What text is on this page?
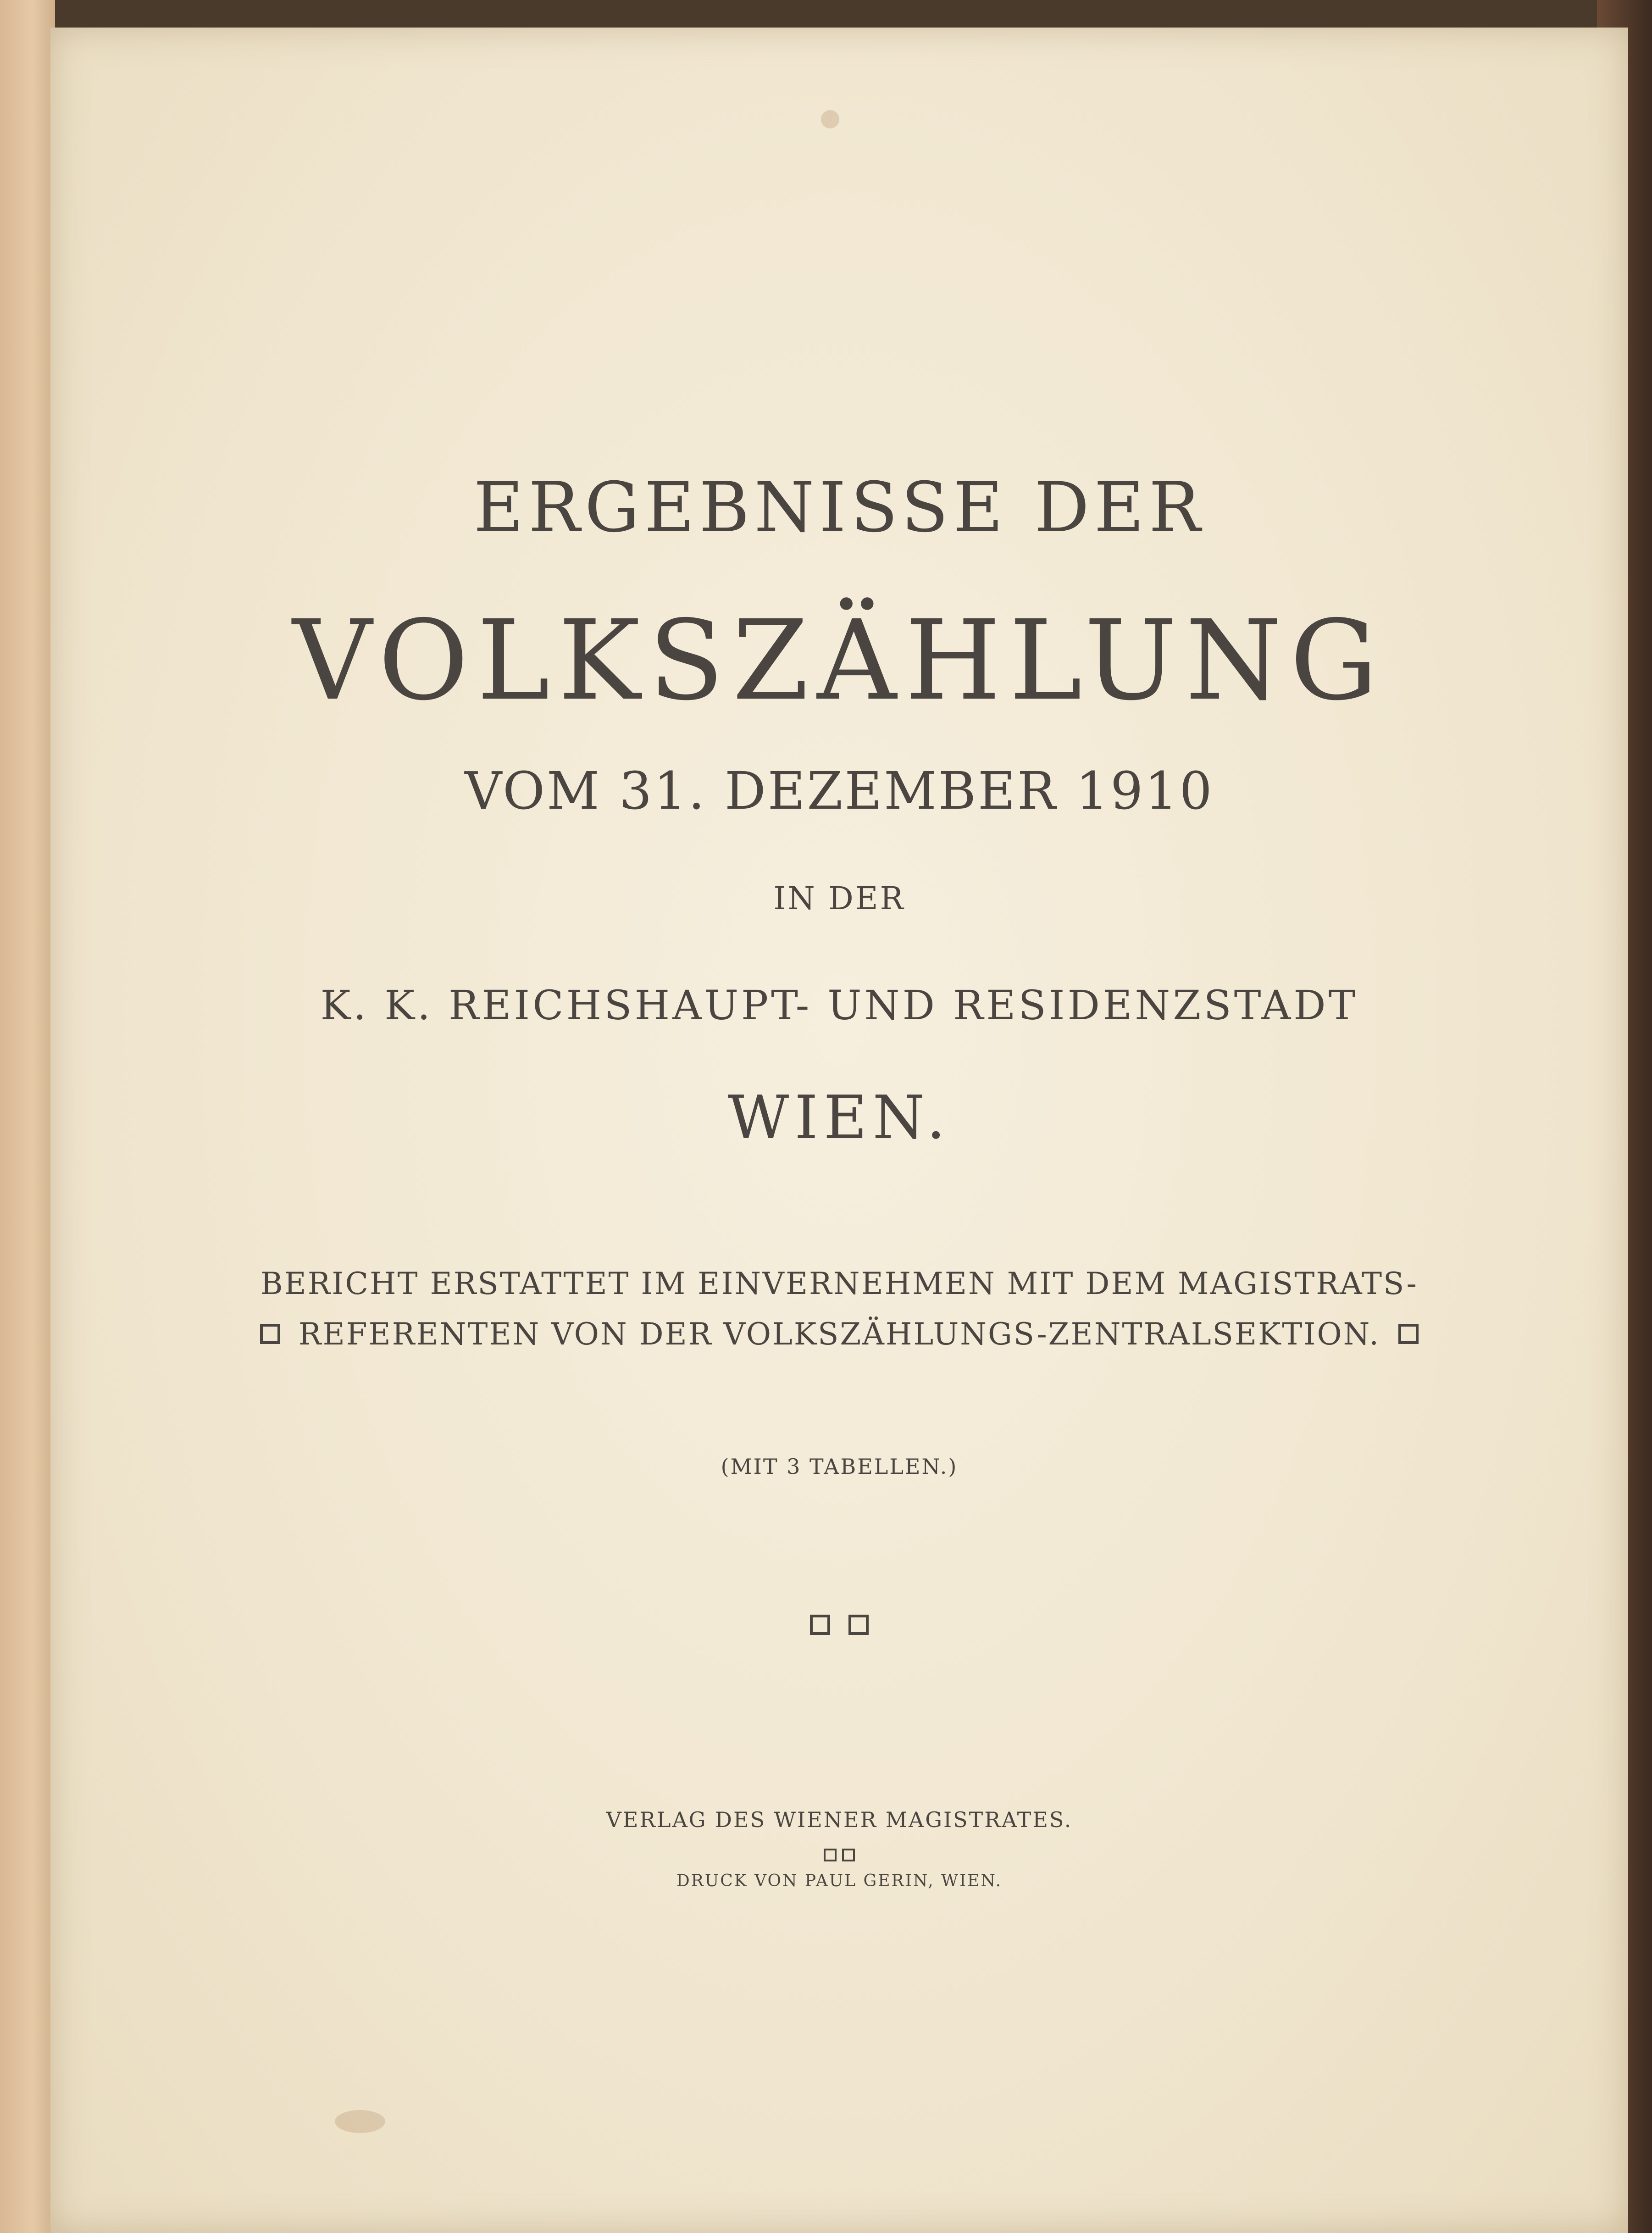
ERGEBNISSE DER
VOLKSZÄHLUNG
VOM 31. DEZEMBER 1910
IN DER
K. K. REICHSHAUPT- UND RESIDENZSTADT
WIEN.
BERICHT ERSTATTET IM EINVERNEHMEN MIT DEM MAGISTRATS-
REFERENTEN VON DER VOLKSZÄHLUNGS-ZENTRALSEKTION.
(MIT 3 TABELLEN.)
VERLAG DES WIENER MAGISTRATES.
DRUCK VON PAUL GERIN, WIEN.
